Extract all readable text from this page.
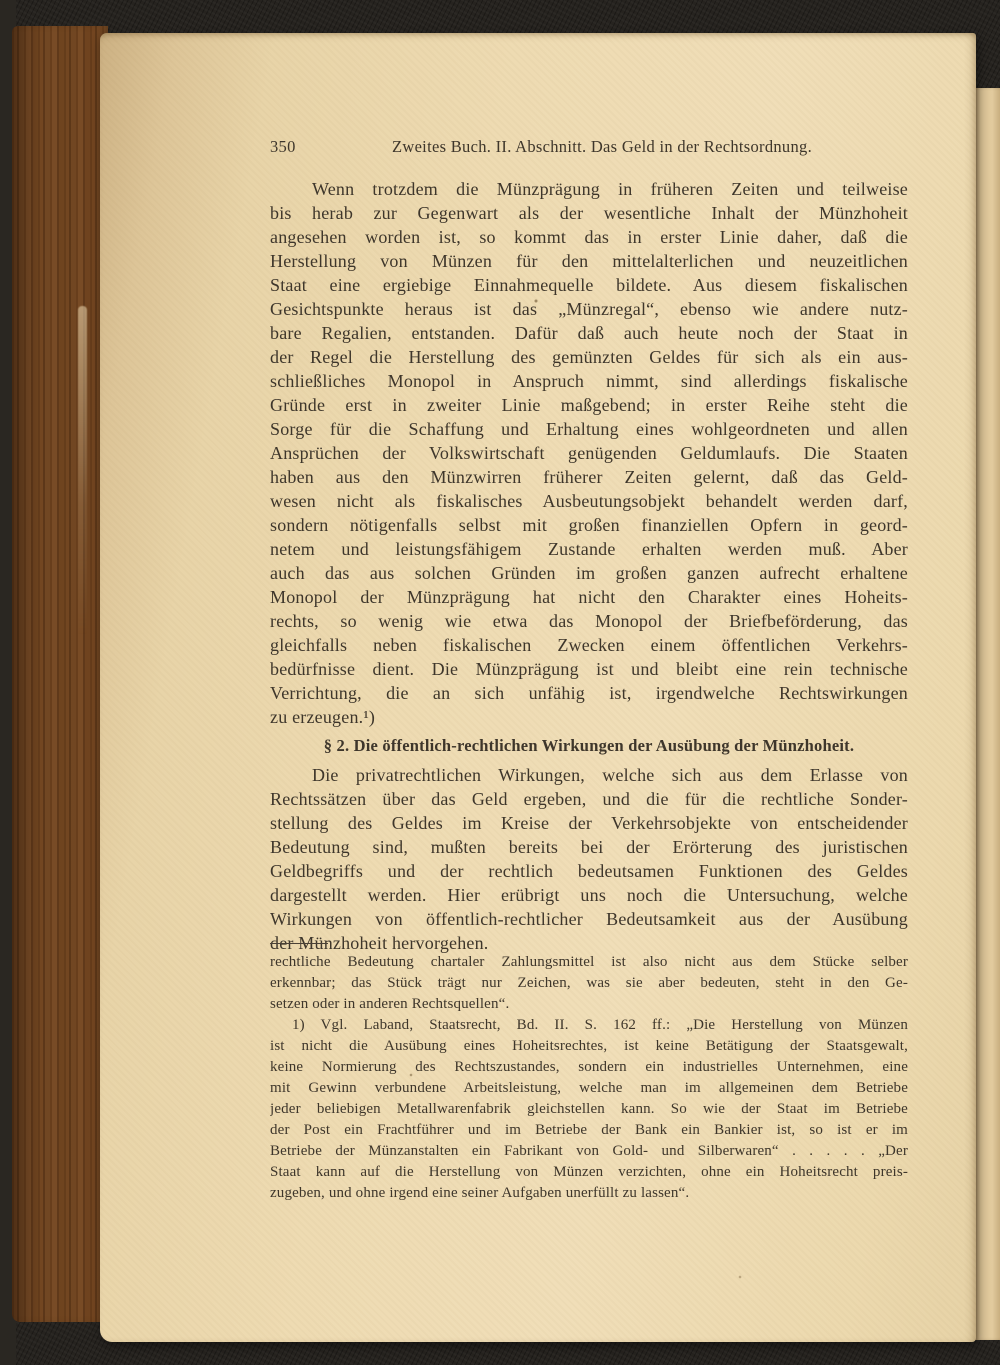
350	Zweites Buch. II. Abschnitt. Das Geld in der Rechtsordnung.
Wenn trotzdem die Münzprägung in früheren Zeiten und teilweise
bis herab zur Gegenwart als der wesentliche Inhalt der Münzhoheit
angesehen worden ist, so kommt das in erster Linie daher, daß die
Herstellung von Münzen für den mittelalterlichen und neuzeitlichen
Staat eine ergiebige Einnahmequelle bildete. Aus diesem fiskalischen
Gesichtspunkte heraus ist das „Münzregal“, ebenso wie andere nutz-
bare Regalien, entstanden. Dafür daß auch heute noch der Staat in
der Regel die Herstellung des gemünzten Geldes für sich als ein aus-
schließliches Monopol in Anspruch nimmt, sind allerdings fiskalische
Gründe erst in zweiter Linie maßgebend; in erster Reihe steht die
Sorge für die Schaffung und Erhaltung eines wohlgeordneten und allen
Ansprüchen der Volkswirtschaft genügenden Geldumlaufs. Die Staaten
haben aus den Münzwirren früherer Zeiten gelernt, daß das Geld-
wesen nicht als fiskalisches Ausbeutungsobjekt behandelt werden darf,
sondern nötigenfalls selbst mit großen finanziellen Opfern in geord-
netem und leistungsfähigem Zustande erhalten werden muß. Aber
auch das aus solchen Gründen im großen ganzen aufrecht erhaltene
Monopol der Münzprägung hat nicht den Charakter eines Hoheits-
rechts, so wenig wie etwa das Monopol der Briefbeförderung, das
gleichfalls neben fiskalischen Zwecken einem öffentlichen Verkehrs-
bedürfnisse dient. Die Münzprägung ist und bleibt eine rein technische
Verrichtung, die an sich unfähig ist, irgendwelche Rechtswirkungen
zu erzeugen.¹)
§ 2. Die öffentlich-rechtlichen Wirkungen der Ausübung der Münzhoheit.
Die privatrechtlichen Wirkungen, welche sich aus dem Erlasse von
Rechtssätzen über das Geld ergeben, und die für die rechtliche Sonder-
stellung des Geldes im Kreise der Verkehrsobjekte von entscheidender
Bedeutung sind, mußten bereits bei der Erörterung des juristischen
Geldbegriffs und der rechtlich bedeutsamen Funktionen des Geldes
dargestellt werden. Hier erübrigt uns noch die Untersuchung, welche
Wirkungen von öffentlich-rechtlicher Bedeutsamkeit aus der Ausübung
der Münzhoheit hervorgehen.
rechtliche Bedeutung chartaler Zahlungsmittel ist also nicht aus dem Stücke selber
erkennbar; das Stück trägt nur Zeichen, was sie aber bedeuten, steht in den Ge-
setzen oder in anderen Rechtsquellen“.
1) Vgl. Laband, Staatsrecht, Bd. II. S. 162 ff.: „Die Herstellung von Münzen
ist nicht die Ausübung eines Hoheitsrechtes, ist keine Betätigung der Staatsgewalt,
keine Normierung des Rechtszustandes, sondern ein industrielles Unternehmen, eine
mit Gewinn verbundene Arbeitsleistung, welche man im allgemeinen dem Betriebe
jeder beliebigen Metallwarenfabrik gleichstellen kann. So wie der Staat im Betriebe
der Post ein Frachtführer und im Betriebe der Bank ein Bankier ist, so ist er im
Betriebe der Münzanstalten ein Fabrikant von Gold- und Silberwaren“ . . . . . „Der
Staat kann auf die Herstellung von Münzen verzichten, ohne ein Hoheitsrecht preis-
zugeben, und ohne irgend eine seiner Aufgaben unerfüllt zu lassen“.
